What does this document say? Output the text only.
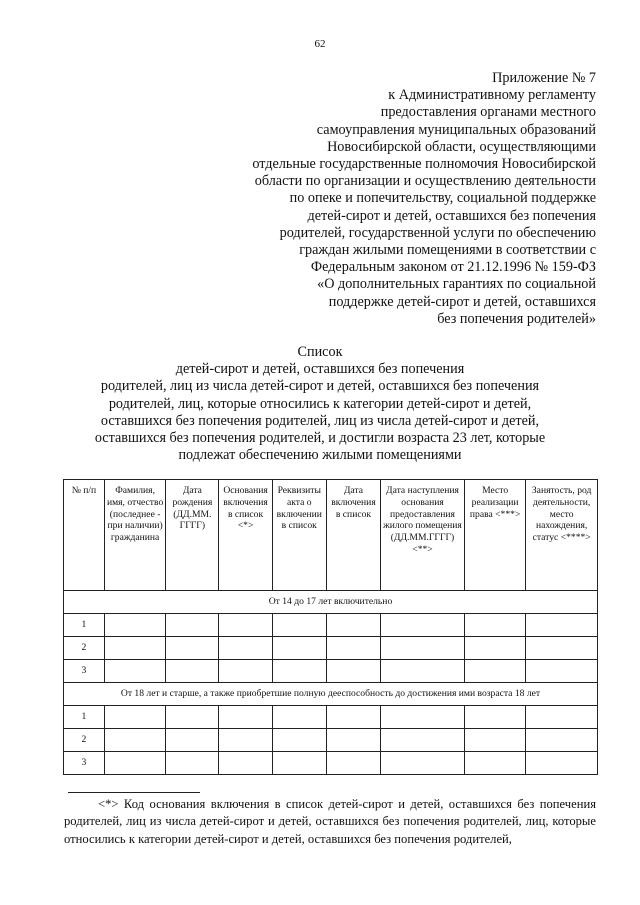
62
Приложение № 7
к Административному регламенту
предоставления органами местного
самоуправления муниципальных образований
Новосибирской области, осуществляющими
отдельные государственные полномочия Новосибирской
области по организации и осуществлению деятельности
по опеке и попечительству, социальной поддержке
детей-сирот и детей, оставшихся без попечения
родителей, государственной услуги по обеспечению
граждан жилыми помещениями в соответствии с
Федеральным законом от 21.12.1996 № 159-ФЗ
«О дополнительных гарантиях по социальной
поддержке детей-сирот и детей, оставшихся
без попечения родителей»
Список
детей-сирот и детей, оставшихся без попечения
родителей, лиц из числа детей-сирот и детей, оставшихся без попечения
родителей, лиц, которые относились к категории детей-сирот и детей,
оставшихся без попечения родителей, лиц из числа детей-сирот и детей,
оставшихся без попечения родителей, и достигли возраста 23 лет, которые
подлежат обеспечению жилыми помещениями
№ п/п	Фамилия, имя, отчество (последнее - при наличии) гражданина	Дата рождения (ДД.ММ. ГГГГ)	Основания включения в список <*>	Реквизиты акта о включении в список	Дата включения в список	Дата наступления основания предоставления жилого помещения (ДД.ММ.ГГГГ) <**>	Место реализации права <***>	Занятость, род деятельности, место нахождения, статус <****>
От 14 до 17 лет включительно								
1								
2								
3								
От 18 лет и старше, а также приобретшие полную дееспособность до достижения ими возраста 18 лет								
1								
2								
3								
<*> Код основания включения в список детей-сирот и детей, оставшихся без попечения родителей, лиц из числа детей-сирот и детей, оставшихся без попечения родителей, лиц, которые относились к категории детей-сирот и детей, оставшихся без попечения родителей,
